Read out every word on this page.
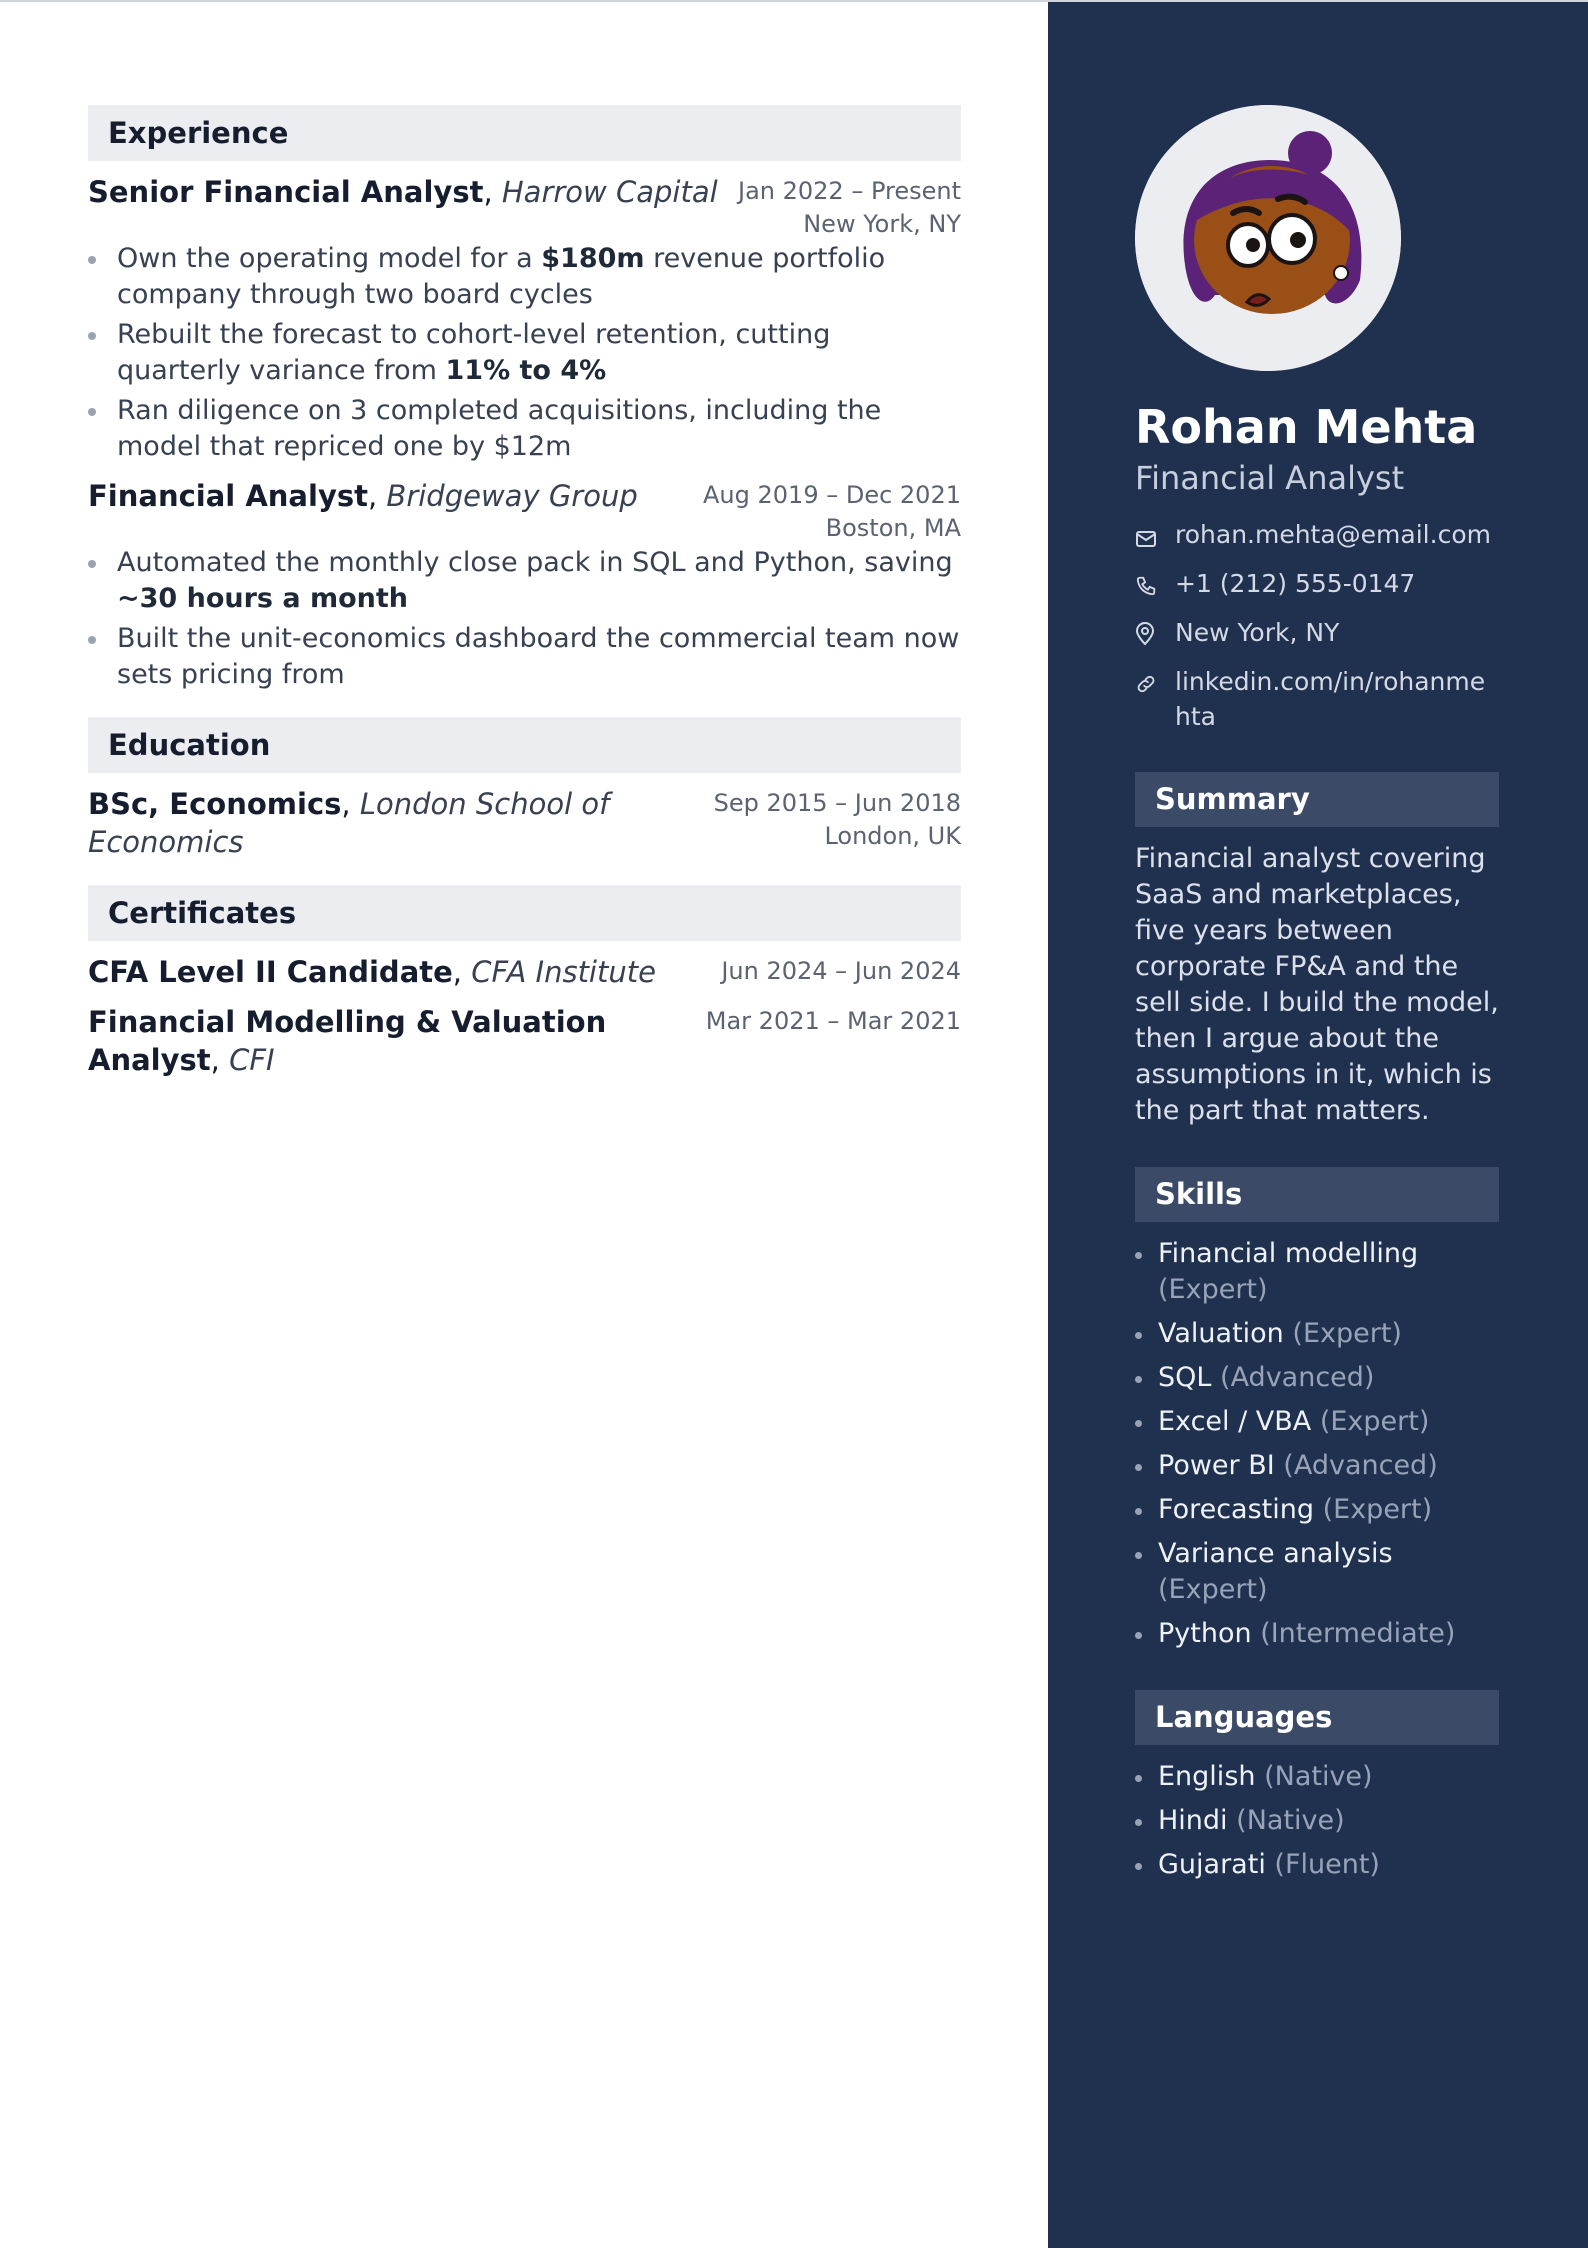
Experience
Senior Financial Analyst, Harrow Capital Jan 2022 – Present
New York, NY
Own the operating model for a $180m revenue portfolio company through two board cycles
Rebuilt the forecast to cohort-level retention, cutting quarterly variance from 11% to 4%
Ran diligence on 3 completed acquisitions, including the model that repriced one by $12m
Financial Analyst, Bridgeway Group	Aug 2019 – Dec 2021
Boston, MA
Automated the monthly close pack in SQL and Python, saving ~30 hours a month
Built the unit-economics dashboard the commercial team now sets pricing from
Education
BSc, Economics, London School of Economics
Sep 2015 – Jun 2018
London, UK
Certificates
CFA Level II Candidate, CFA Institute	Jun 2024 – Jun 2024
Financial Modelling & Valuation Analyst, CFI
Mar 2021 – Mar 2021
Rohan Mehta
Financial Analyst
rohan.mehta@email.com
+1 (212) 555-0147
New York, NY
linkedin.com/in/rohanmehta
Summary
Financial analyst covering SaaS and marketplaces, five years between corporate FP&A and the sell side. I build the model, then I argue about the assumptions in it, which is the part that matters.
Skills
Financial modelling (Expert)
Valuation (Expert)
SQL (Advanced)
Excel / VBA (Expert)
Power BI (Advanced)
Forecasting (Expert)
Variance analysis (Expert)
Python (Intermediate)
Languages
English (Native)
Hindi (Native)
Gujarati (Fluent)
